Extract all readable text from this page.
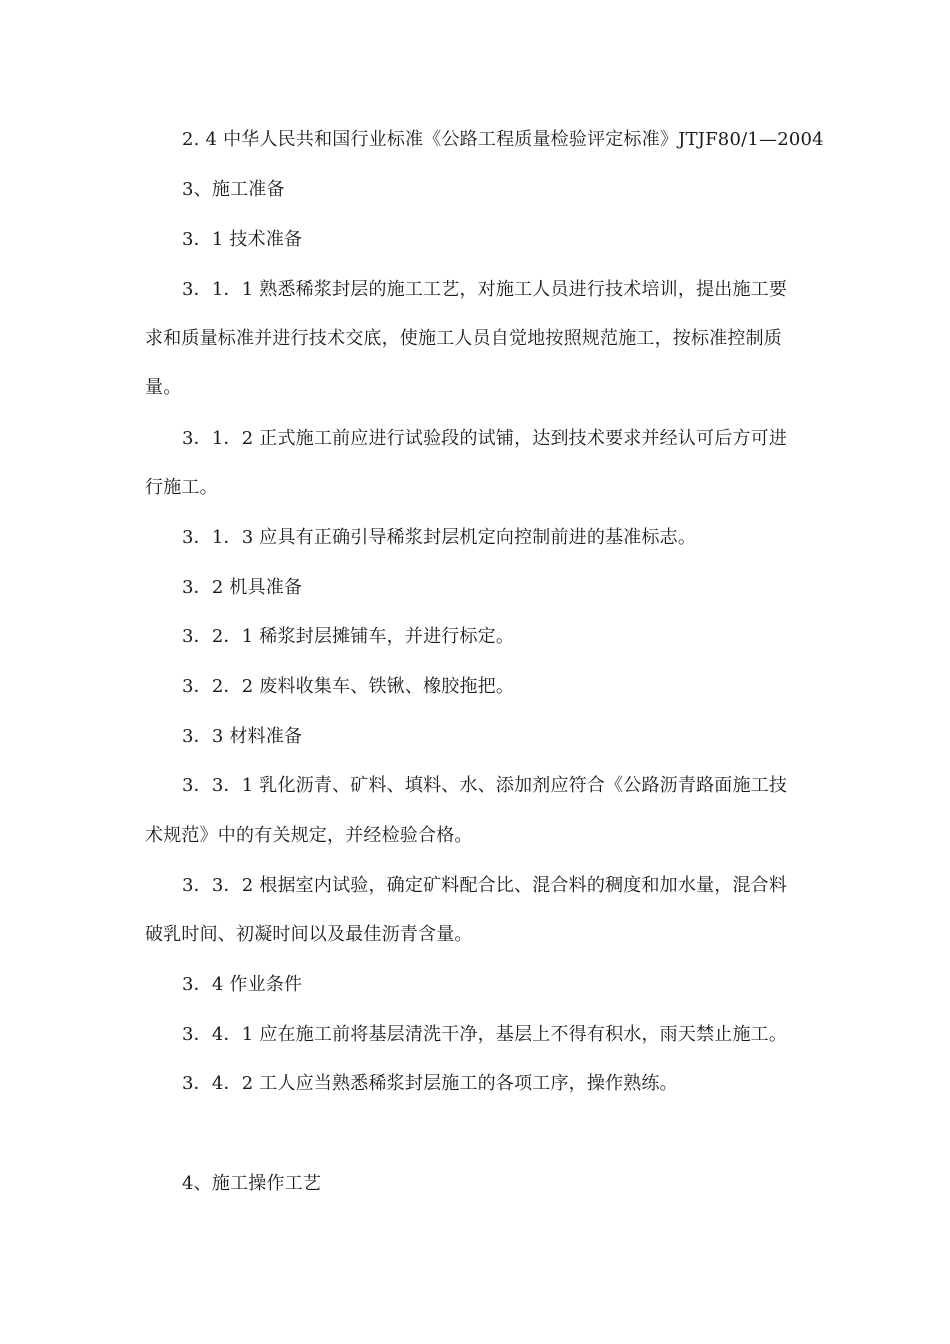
2. 4 中华人民共和国行业标准《公路工程质量检验评定标准》JTJF80/1—2004
3、施工准备
3．1 技术准备
3．1．1 熟悉稀浆封层的施工工艺，对施工人员进行技术培训，提出施工要
求和质量标准并进行技术交底，使施工人员自觉地按照规范施工，按标准控制质
量。
3．1．2 正式施工前应进行试验段的试铺，达到技术要求并经认可后方可进
行施工。
3．1．3 应具有正确引导稀浆封层机定向控制前进的基准标志。
3．2 机具准备
3．2．1 稀浆封层摊铺车，并进行标定。
3．2．2 废料收集车、铁锹、橡胶拖把。
3．3 材料准备
3．3．1 乳化沥青、矿料、填料、水、添加剂应符合《公路沥青路面施工技
术规范》中的有关规定，并经检验合格。
3．3．2 根据室内试验，确定矿料配合比、混合料的稠度和加水量，混合料
破乳时间、初凝时间以及最佳沥青含量。
3．4 作业条件
3．4．1 应在施工前将基层清洗干净，基层上不得有积水，雨天禁止施工。
3．4．2 工人应当熟悉稀浆封层施工的各项工序，操作熟练。
4、施工操作工艺
